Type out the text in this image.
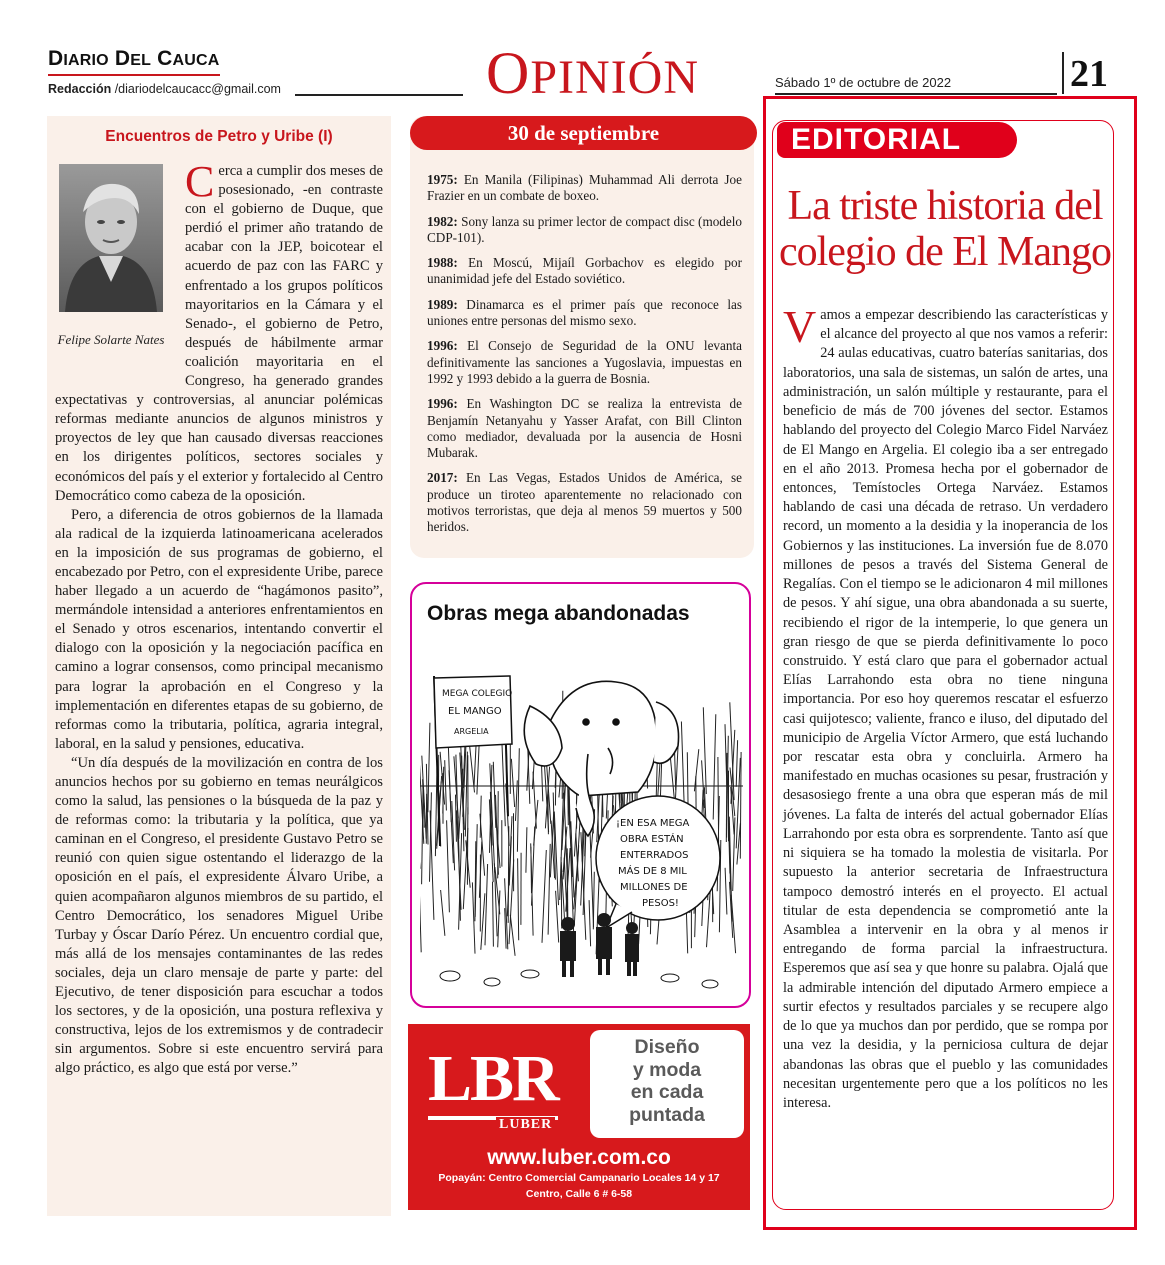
DIARIO DEL CAUCA
Redacción /diariodelcaucacc@gmail.com	OPINIÓN	Sábado 1º de octubre de 2022	21
Encuentros de Petro y Uribe (I)
Felipe Solarte Nates

Cerca a cumplir dos meses de posesionado, -en contraste con el gobierno de Duque, que perdió el primer año tratando de acabar con la JEP, boicotear el acuerdo de paz con las FARC y enfrentado a los grupos políticos mayoritarios en la Cámara y el Senado-, el gobierno de Petro, después de hábilmente armar coalición mayoritaria en el Congreso, ha generado grandes expectativas y controversias, al anunciar polémicas reformas mediante anuncios de algunos ministros y proyectos de ley que han causado diversas reacciones en los dirigentes políticos, sectores sociales y económicos del país y el exterior y fortalecido al Centro Democrático como cabeza de la oposición.

Pero, a diferencia de otros gobiernos de la llamada ala radical de la izquierda latinoamericana acelerados en la imposición de sus programas de gobierno, el encabezado por Petro, con el expresidente Uribe, parece haber llegado a un acuerdo de “hagámonos pasito”, mermándole intensidad a anteriores enfrentamientos en el Senado y otros escenarios, intentando convertir el dialogo con la oposición y la negociación pacífica en camino a lograr consensos, como principal mecanismo para lograr la aprobación en el Congreso y la implementación en diferentes etapas de su gobierno, de reformas como la tributaria, política, agraria integral, laboral, en la salud y pensiones, educativa.

“Un día después de la movilización en contra de los anuncios hechos por su gobierno en temas neurálgicos como la salud, las pensiones o la búsqueda de la paz y de reformas como: la tributaria y la política, que ya caminan en el Congreso, el presidente Gustavo Petro se reunió con quien sigue ostentando el liderazgo de la oposición en el país, el expresidente Álvaro Uribe, a quien acompañaron algunos miembros de su partido, el Centro Democrático, los senadores Miguel Uribe Turbay y Óscar Darío Pérez. Un encuentro cordial que, más allá de los mensajes contaminantes de las redes sociales, deja un claro mensaje de parte y parte: del Ejecutivo, de tener disposición para escuchar a todos los sectores, y de la oposición, una postura reflexiva y constructiva, lejos de los extremismos y de contradecir sin argumentos. Sobre si este encuentro servirá para algo práctico, es algo que está por verse.”

30 de septiembre
1975: En Manila (Filipinas) Muhammad Ali derrota Joe Frazier en un combate de boxeo.
1982: Sony lanza su primer lector de compact disc (modelo CDP-101).
1988: En Moscú, Mijaíl Gorbachov es elegido por unanimidad jefe del Estado soviético.
1989: Dinamarca es el primer país que reconoce las uniones entre personas del mismo sexo.
1996: El Consejo de Seguridad de la ONU levanta definitivamente las sanciones a Yugoslavia, impuestas en 1992 y 1993 debido a la guerra de Bosnia.
1996: En Washington DC se realiza la entrevista de Benjamín Netanyahu y Yasser Arafat, con Bill Clinton como mediador, devaluada por la ausencia de Hosni Mubarak.
2017: En Las Vegas, Estados Unidos de América, se produce un tiroteo aparentemente no relacionado con motivos terroristas, que deja al menos 59 muertos y 500 heridos.
Obras mega abandonadas
MEGA COLEGIO
EL MANGO
ARGELIA
¡EN ESA MEGA
OBRA ESTÁN
ENTERRADOS
MÁS DE 8 MIL
MILLONES DE
PESOS!
LBR
LUBER
Diseño
y moda
en cada
puntada
www.luber.com.co
Popayán: Centro Comercial Campanario Locales 14 y 17
Centro, Calle 6 # 6-58
EDITORIAL
La triste historia del colegio de El Mango
Vamos a empezar describiendo las características y el alcance del proyecto al que nos vamos a referir: 24 aulas educativas, cuatro baterías sanitarias, dos laboratorios, una sala de sistemas, un salón de artes, una administración, un salón múltiple y restaurante, para el beneficio de más de 700 jóvenes del sector. Estamos hablando del proyecto del Colegio Marco Fidel Narváez de El Mango en Argelia. El colegio iba a ser entregado en el año 2013. Promesa hecha por el gobernador de entonces, Temístocles Ortega Narváez. Estamos hablando de casi una década de retraso. Un verdadero record, un momento a la desidia y la inoperancia de los Gobiernos y las instituciones. La inversión fue de 8.070 millones de pesos a través del Sistema General de Regalías. Con el tiempo se le adicionaron 4 mil millones de pesos. Y ahí sigue, una obra abandonada a su suerte, recibiendo el rigor de la intemperie, lo que genera un gran riesgo de que se pierda definitivamente lo poco construido. Y está claro que para el gobernador actual Elías Larrahondo esta obra no tiene ninguna importancia. Por eso hoy queremos rescatar el esfuerzo casi quijotesco; valiente, franco e iluso, del diputado del municipio de Argelia Víctor Armero, que está luchando por rescatar esta obra y concluirla. Armero ha manifestado en muchas ocasiones su pesar, frustración y desasosiego frente a una obra que esperan más de mil jóvenes. La falta de interés del actual gobernador Elías Larrahondo por esta obra es sorprendente. Tanto así que ni siquiera se ha tomado la molestia de visitarla. Por supuesto la anterior secretaria de Infraestructura tampoco demostró interés en el proyecto. El actual titular de esta dependencia se comprometió ante la Asamblea a intervenir en la obra y al menos ir entregando de forma parcial la infraestructura. Esperemos que así sea y que honre su palabra. Ojalá que la admirable intención del diputado Armero empiece a surtir efectos y resultados parciales y se recupere algo de lo que ya muchos dan por perdido, que se rompa por una vez la desidia, y la perniciosa cultura de dejar abandonas las obras que el pueblo y las comunidades necesitan urgentemente pero que a los políticos no les interesa.
